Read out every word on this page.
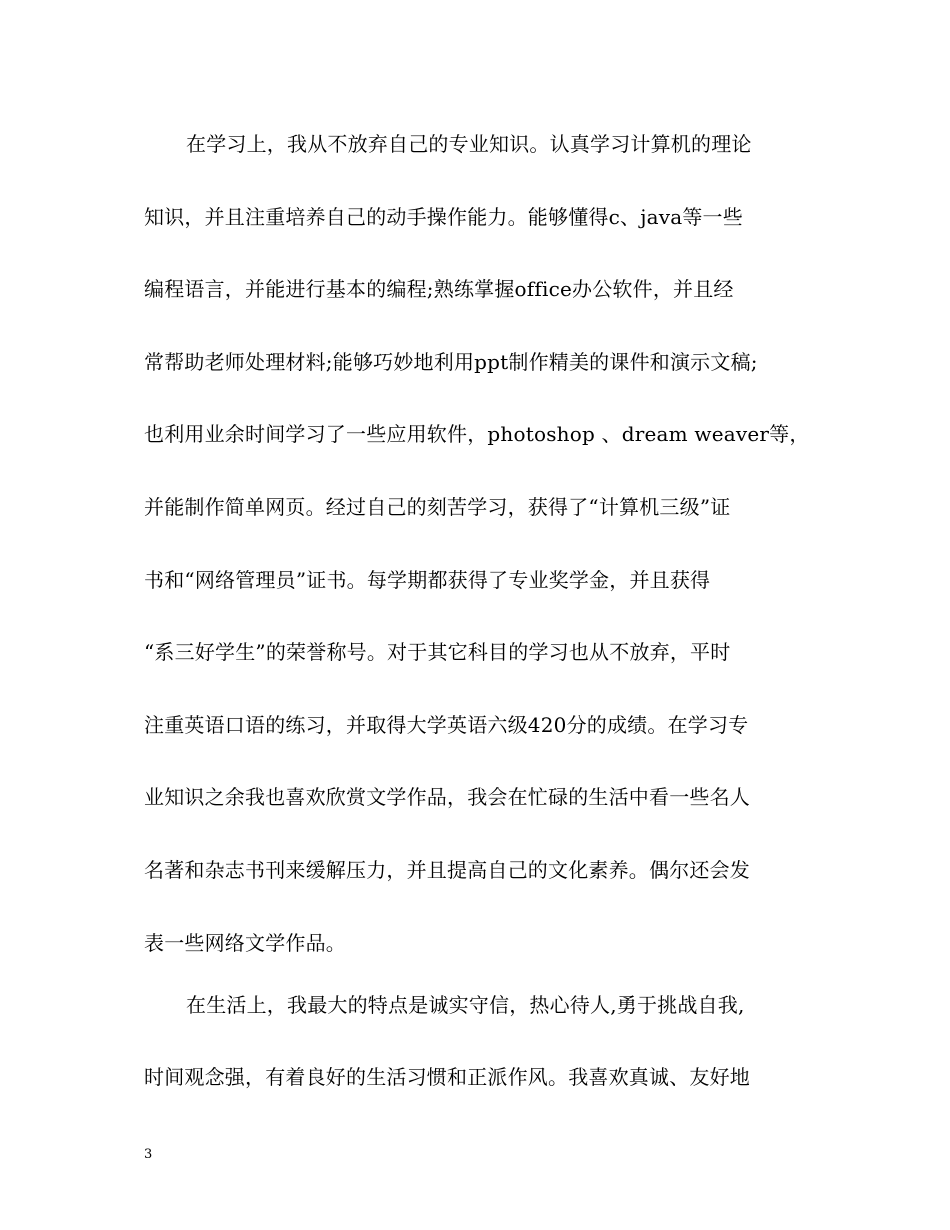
在学习上，我从不放弃自己的专业知识。认真学习计算机的理论
知识，并且注重培养自己的动手操作能力。能够懂得c、java等一些
编程语言，并能进行基本的编程;熟练掌握office办公软件，并且经
常帮助老师处理材料;能够巧妙地利用ppt制作精美的课件和演示文稿;
也利用业余时间学习了一些应用软件，photoshop 、dream weaver等，
并能制作简单网页。经过自己的刻苦学习，获得了“计算机三级”证
书和“网络管理员”证书。每学期都获得了专业奖学金，并且获得
“系三好学生”的荣誉称号。对于其它科目的学习也从不放弃，平时
注重英语口语的练习，并取得大学英语六级420分的成绩。在学习专
业知识之余我也喜欢欣赏文学作品，我会在忙碌的生活中看一些名人
名著和杂志书刊来缓解压力，并且提高自己的文化素养。偶尔还会发
表一些网络文学作品。
在生活上，我最大的特点是诚实守信，热心待人,勇于挑战自我,
时间观念强，有着良好的生活习惯和正派作风。我喜欢真诚、友好地
3
